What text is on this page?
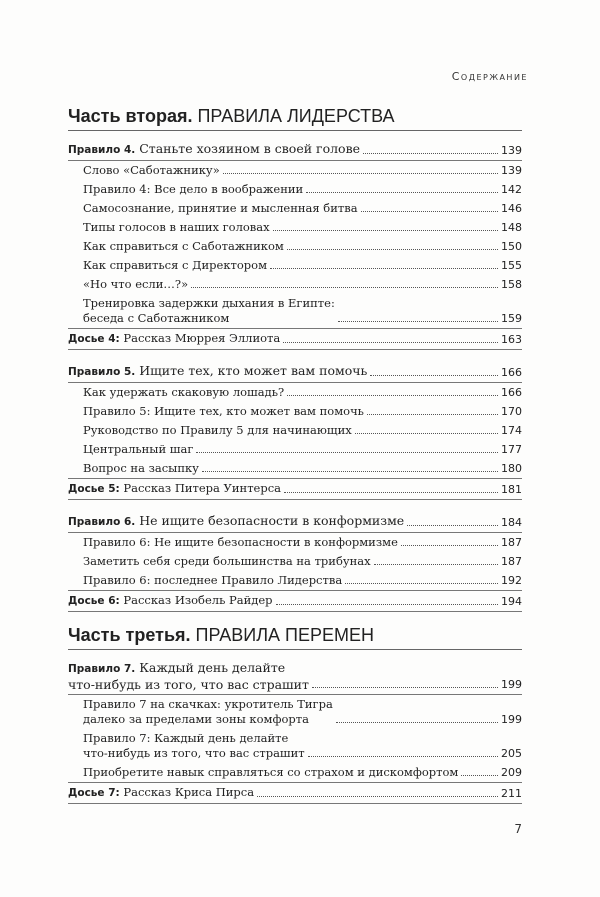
Содержание
Часть вторая. ПРАВИЛА ЛИДЕРСТВА
Правило 4. Станьте хозяином в своей голове	139
Слово «Саботажнику»	139
Правило 4: Все дело в воображении	142
Самосознание, принятие и мысленная битва	146
Типы голосов в наших головах	148
Как справиться с Саботажником	150
Как справиться с Директором	155
«Но что если…?»	158
Тренировка задержки дыхания в Египте:
беседа с Саботажником	159
Досье 4: Рассказ Мюррея Эллиота	163
Правило 5. Ищите тех, кто может вам помочь	166
Как удержать скаковую лошадь?	166
Правило 5: Ищите тех, кто может вам помочь	170
Руководство по Правилу 5 для начинающих	174
Центральный шаг	177
Вопрос на засыпку	180
Досье 5: Рассказ Питера Уинтерса	181
Правило 6. Не ищите безопасности в конформизме	184
Правило 6: Не ищите безопасности в конформизме	187
Заметить себя среди большинства на трибунах	187
Правило 6: последнее Правило Лидерства	192
Досье 6: Рассказ Изобель Райдер	194
Часть третья. ПРАВИЛА ПЕРЕМЕН
Правило 7. Каждый день делайте
что-нибудь из того, что вас страшит	199
Правило 7 на скачках: укротитель Тигра
далеко за пределами зоны комфорта	199
Правило 7: Каждый день делайте
что-нибудь из того, что вас страшит	205
Приобретите навык справляться со страхом и дискомфортом	209
Досье 7: Рассказ Криса Пирса	211
7
